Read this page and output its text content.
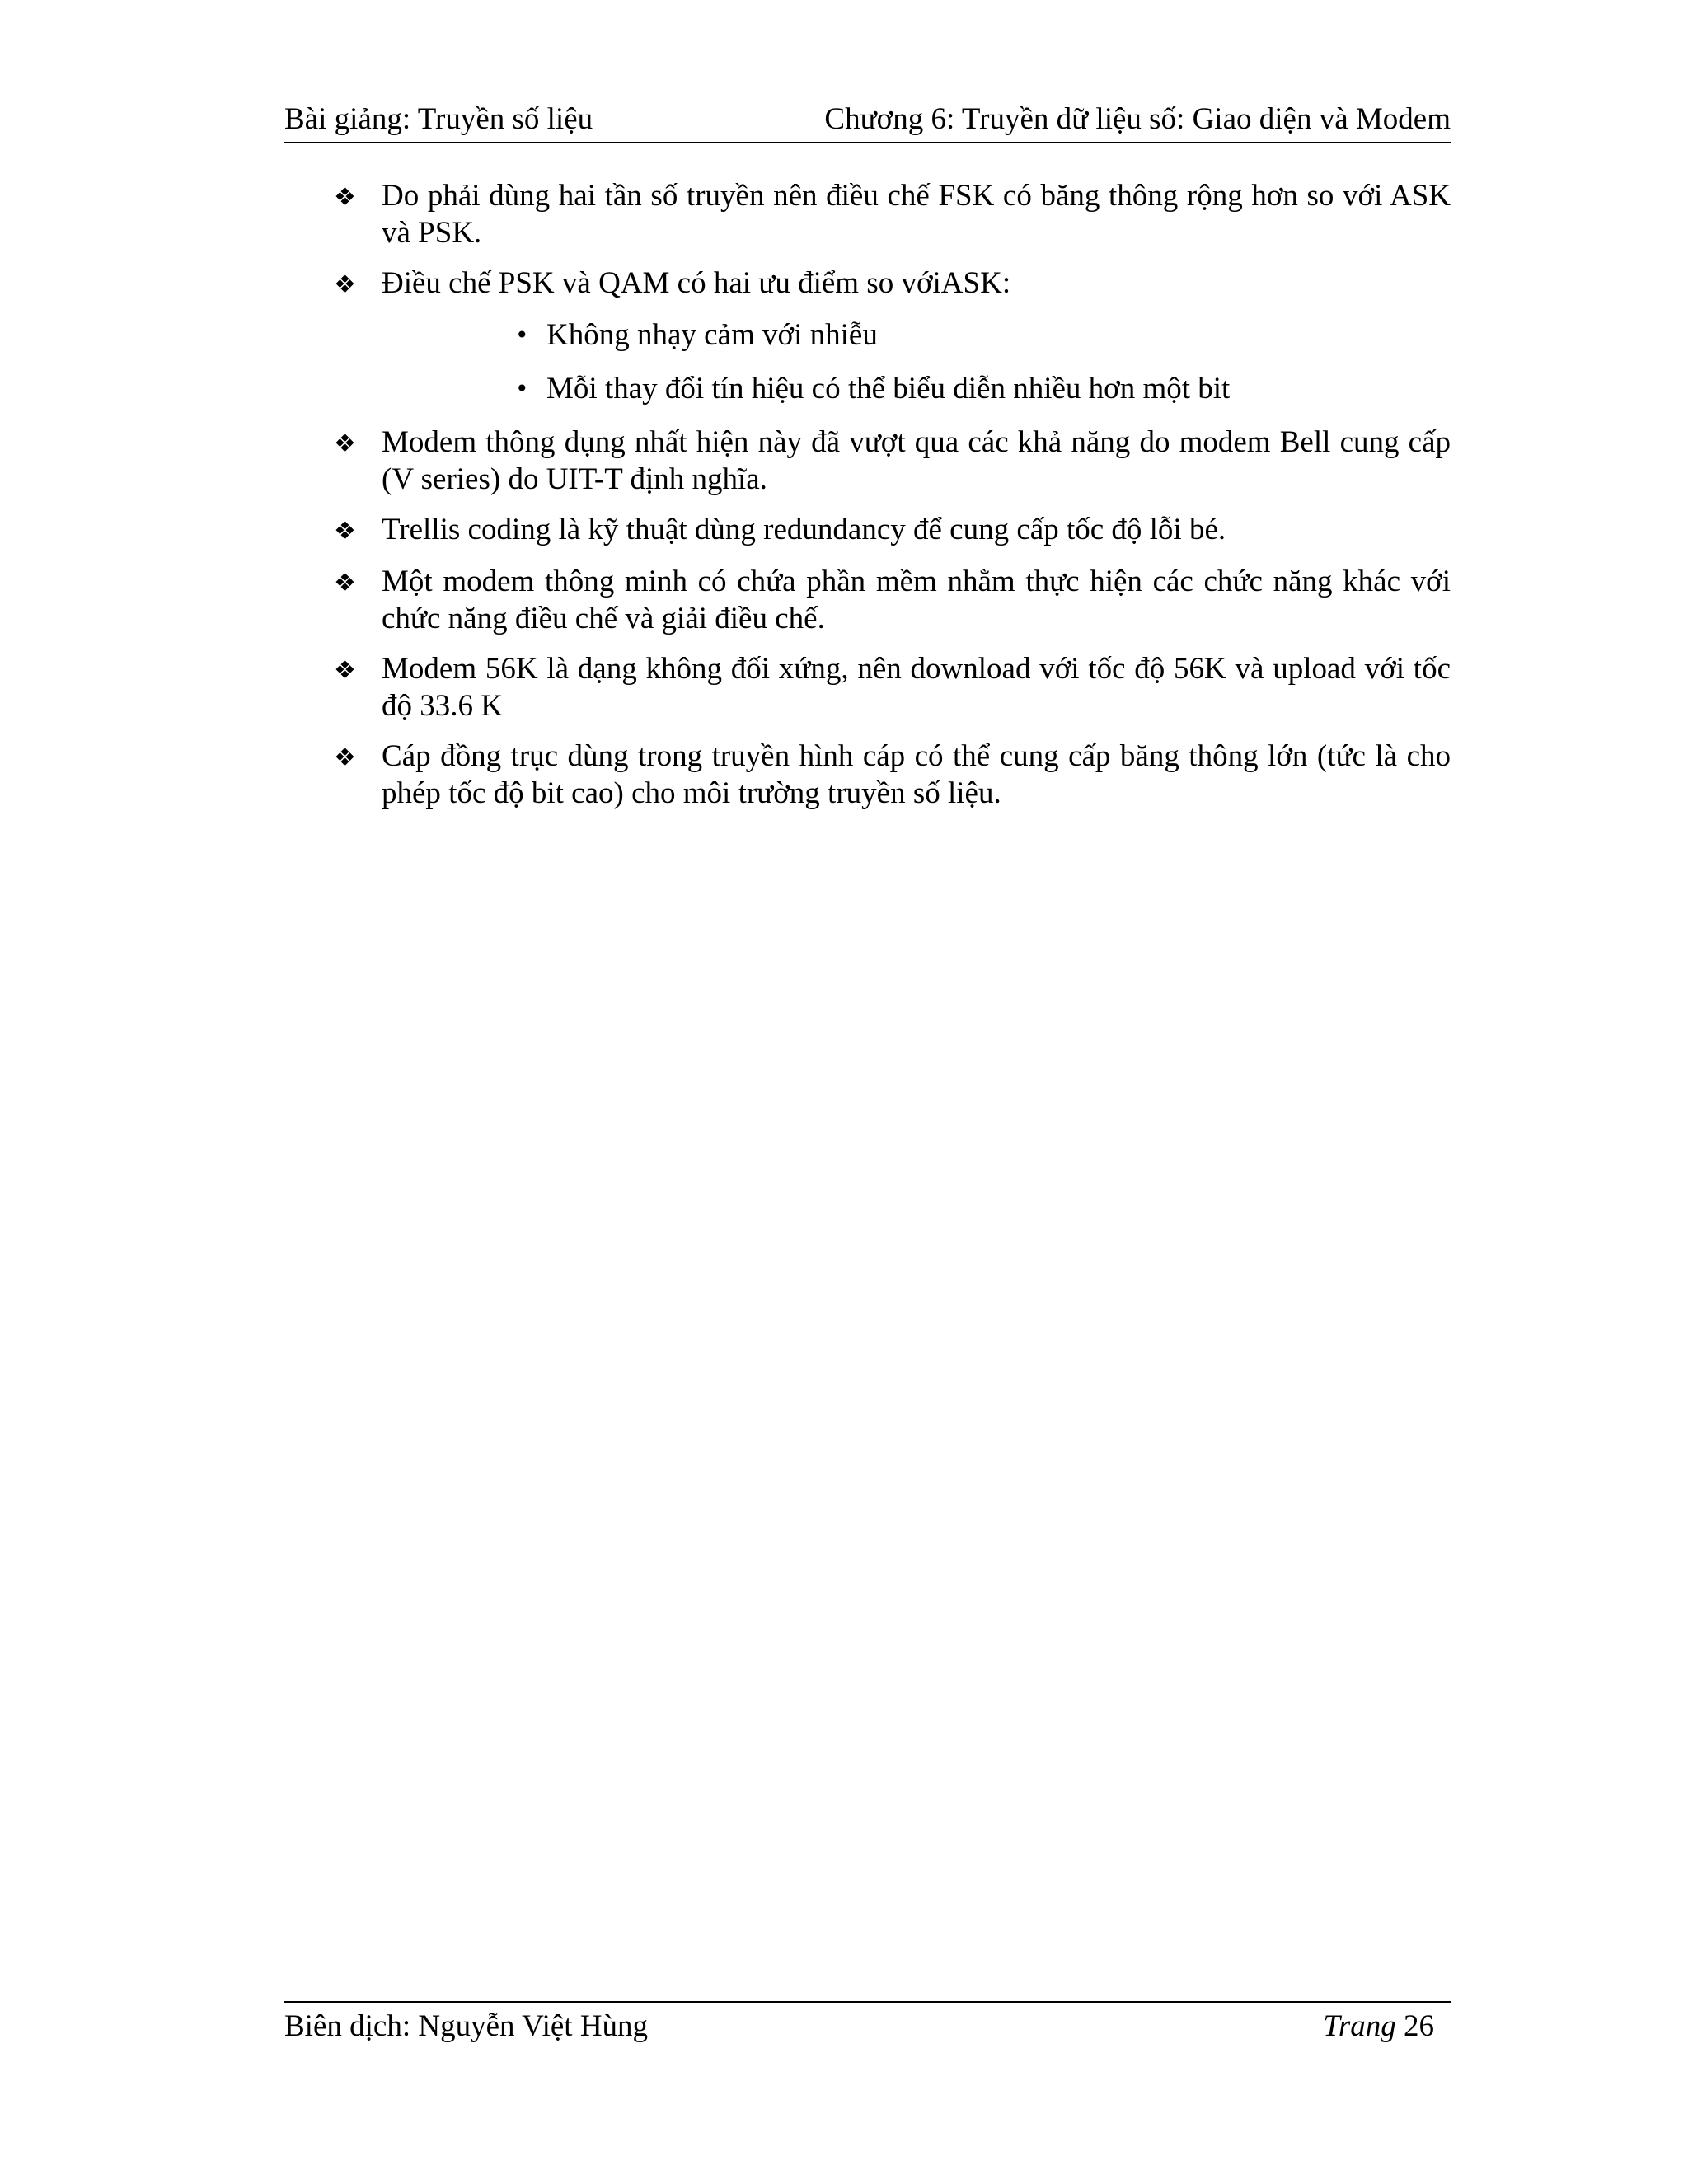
Bài giảng: Truyền số liệu	Chương 6: Truyền dữ liệu số: Giao diện và Modem
❖ Do phải dùng hai tần số truyền nên điều chế FSK có băng thông rộng hơn so với ASK và PSK.
❖ Điều chế PSK và QAM có hai ưu điểm so vớiASK:
• Không nhạy cảm với nhiễu
• Mỗi thay đổi tín hiệu có thể biểu diễn nhiều hơn một bit
❖ Modem thông dụng nhất hiện này đã vượt qua các khả năng do modem Bell cung cấp (V series) do UIT-T định nghĩa.
❖ Trellis coding là kỹ thuật dùng redundancy để cung cấp tốc độ lỗi bé.
❖ Một modem thông minh có chứa phần mềm nhằm thực hiện các chức năng khác với chức năng điều chế và giải điều chế.
❖ Modem 56K là dạng không đối xứng, nên download với tốc độ 56K và upload với tốc độ 33.6 K
❖ Cáp đồng trục dùng trong truyền hình cáp có thể cung cấp băng thông lớn (tức là cho phép tốc độ bit cao) cho môi trường truyền số liệu.
Biên dịch: Nguyễn Việt Hùng	Trang 26
